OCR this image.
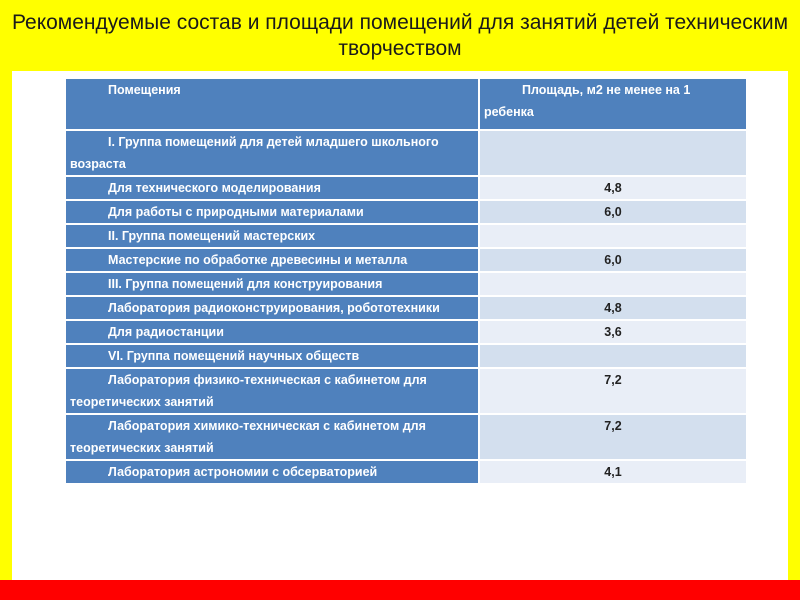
Рекомендуемые состав и площади помещений для занятий детей техническим творчеством
Помещения	Площадь, м2 не менее на 1 ребенка
I. Группа помещений для детей младшего школьного возраста	
Для технического моделирования	4,8
Для работы с природными материалами	6,0
II. Группа помещений мастерских	
Мастерские по обработке древесины и металла	6,0
III. Группа помещений для конструирования	
Лаборатория радиоконструирования, робототехники	4,8
Для радиостанции	3,6
VI. Группа помещений научных обществ	
Лаборатория физико-техническая с кабинетом для теоретических занятий	7,2
Лаборатория химико-техническая с кабинетом для теоретических занятий	7,2
Лаборатория астрономии с обсерваторией	4,1
